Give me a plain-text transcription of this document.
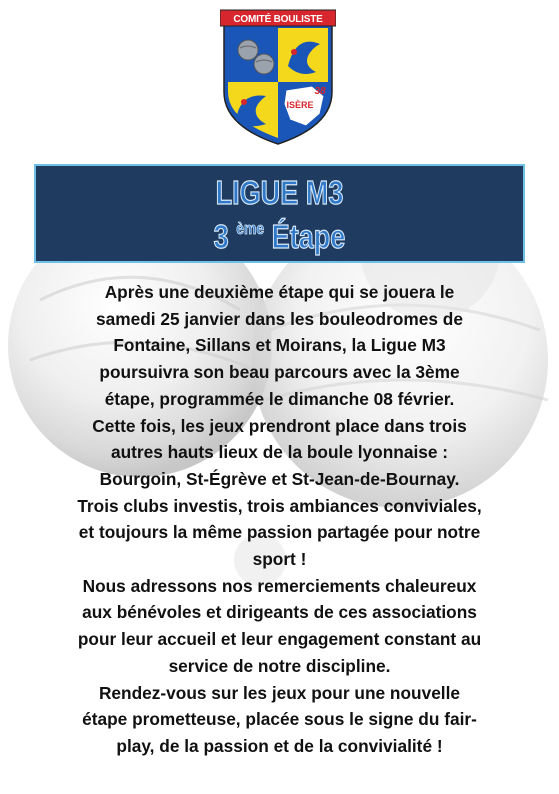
COMITÉ BOULISTE
ISÈRE
38
LIGUE M3
3 $^{ème}$ Étape
Après une deuxième étape qui se jouera le
samedi 25 janvier dans les bouleodromes de
Fontaine, Sillans et Moirans, la Ligue M3
poursuivra son beau parcours avec la 3ème
étape, programmée le dimanche 08 février.
Cette fois, les jeux prendront place dans trois
autres hauts lieux de la boule lyonnaise :
Bourgoin, St-Égrève et St-Jean-de-Bournay.
Trois clubs investis, trois ambiances conviviales,
et toujours la même passion partagée pour notre
sport !
Nous adressons nos remerciements chaleureux
aux bénévoles et dirigeants de ces associations
pour leur accueil et leur engagement constant au
service de notre discipline.
Rendez-vous sur les jeux pour une nouvelle
étape prometteuse, placée sous le signe du fair-
play, de la passion et de la convivialité !
